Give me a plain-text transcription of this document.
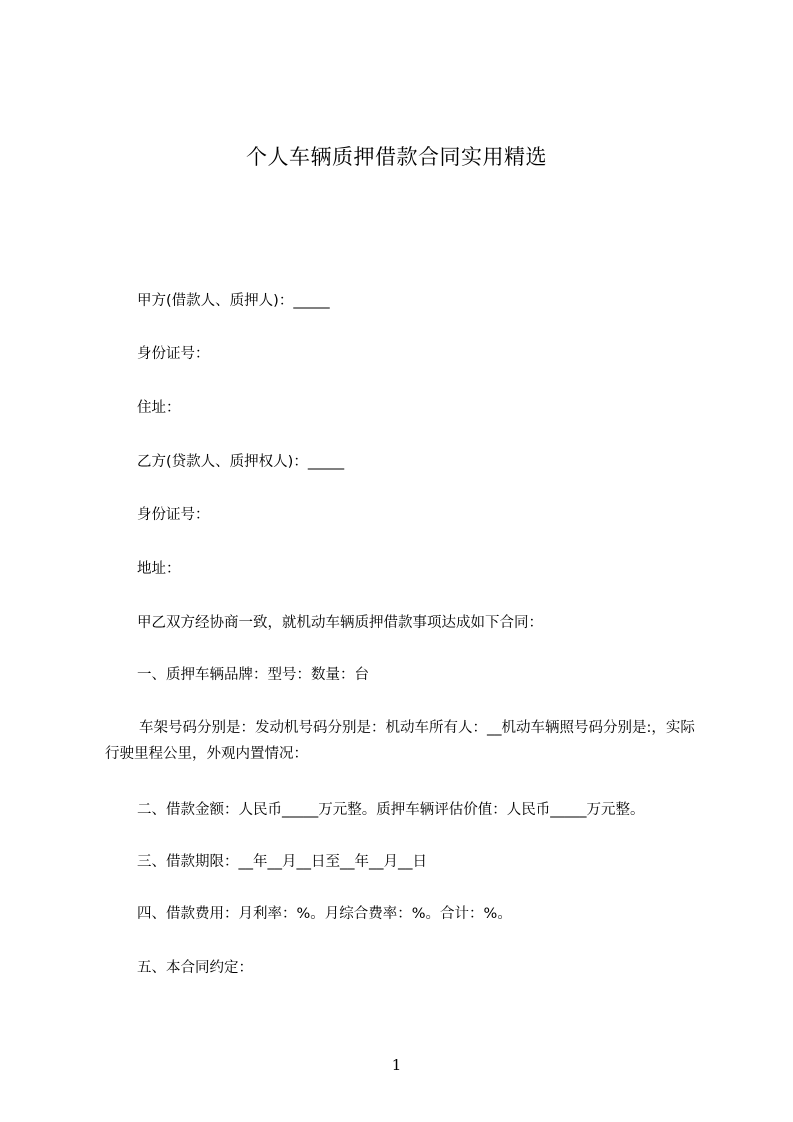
个人车辆质押借款合同实用精选
甲方(借款人、质押人)：_____
身份证号：
住址：
乙方(贷款人、质押权人)：_____
身份证号：
地址：
甲乙双方经协商一致，就机动车辆质押借款事项达成如下合同：
一、质押车辆品牌：型号：数量：台
车架号码分别是：发动机号码分别是：机动车所有人：__机动车辆照号码分别是:，实际行驶里程公里，外观内置情况：
二、借款金额：人民币_____万元整。质押车辆评估价值：人民币_____万元整。
三、借款期限：__年__月__日至__年__月__日
四、借款费用：月利率：%。月综合费率：%。合计：%。
五、本合同约定：
1
